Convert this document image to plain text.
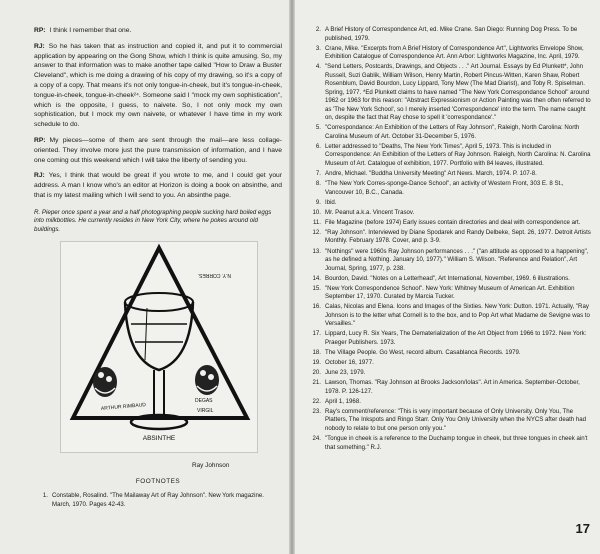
RP: I think I remember that one.

RJ: So he has taken that as instruction and copied it, and put it to commercial application by appearing on the Gong Show, which I think is quite amusing. So, my answer to that information was to make another tape called "How to Draw a Buster Cleveland", which is me doing a drawing of his copy of my drawing, so it's a copy of a copy of a copy. That means it's not only tongue-in-cheek, but it's tongue-in-cheek, tongue-in-cheek, tongue-in-cheek²⁴. Someone said I "mock my own sophistication", which is the opposite, I guess, to naivete. So, I not only mock my own sophistication, but I mock my own naivete, or whatever I have time in my work schedule to do.

RP: My pieces—some of them are sent through the mail—are less collage-oriented. They involve more just the pure transmission of information, and I have one coming out this weekend which I will take the liberty of sending you.

RJ: Yes, I think that would be great if you wrote to me, and I could get your address. A man I know who's an editor at Horizon is doing a book on absinthe, and that is my latest mailing which I will send to you. An absinthe page.

R. Pieper once spent a year and a half photographing people sucking hard boiled eggs into milkbottles. He currently resides in New York City, where he pokes around old buildings.

ARTHUR RIMBAUD
DEGAS
VIRGIL
N.Y. CORRES.
ABSINTHE
Ray Johnson
FOOTNOTES
1. Constable, Rosalind. "The Mailaway Art of Ray Johnson". New York magazine. March, 1970. Pages 42-43.
2. A Brief History of Correspondence Art, ed. Mike Crane. San Diego: Running Dog Press. To be published, 1979.
3. Crane, Mike. "Excerpts from A Brief History of Correspondence Art", Lightworks Envelope Show, Exhibition Catalogue of Correspondence Art. Ann Arbor: Lightworks Magazine, Inc. April, 1979.
4. "Send Letters, Postcards, Drawings, and Objects . . ." Art Journal. Essays by Ed Plunkett*, John Russell, Suzi Gablik, William Wilson, Henry Martin, Robert Pincus-Witten, Karen Shaw, Robert Rosenblum, David Bourdon, Lucy Lippard, Tony Mew (The Mad Diarist), and Toby R. Spiselman. Spring, 1977. *Ed Plunkett claims to have named "The New York Correspondance School" around 1962 or 1963 for this reason: "Abstract Expressionism or Action Painting was then often referred to as 'The New York School', so I merely inserted 'Correspondence' into the term. The name caught on, despite the fact that Ray chose to spell it 'correspondance'."
5. "Correspondance: An Exhibition of the Letters of Ray Johnson", Raleigh, North Carolina: North Carolina Museum of Art. October 31-December 5, 1976.
6. Letter addressed to "Deaths, The New York Times", April 5, 1973. This is included in Correspondence: An Exhibition of the Letters of Ray Johnson. Raleigh, North Carolina: N. Carolina Museum of Art. Catalogue of exhibition, 1977. Portfolio with 84 leaves, illustrated.
7. Andre, Michael. "Buddha University Meeting" Art News. March, 1974. P. 107-8.
8. "The New York Corres-sponge-Dance School", an activity of Western Front, 303 E. 8 St., Vancouver 10, B.C., Canada.
9. Ibid.
10. Mr. Peanut a.k.a. Vincent Trasov.
11. File Magazine (before 1974) Early issues contain directories and deal with correspondence art.
12. "Ray Johnson". Interviewed by Diane Spodarek and Randy Delbeke, Sept. 26, 1977. Detroit Artists Monthly. February 1978. Cover, and p. 3-9.
13. "Nothings" were 1960s Ray Johnson performances . . ." ("an attitude as opposed to a happening", as he defined a Nothing. January 10, 1977)." William S. Wilson. "Reference and Relation", Art Journal, Spring, 1977, p. 238.
14. Bourdon, David. "Notes on a Letterhead", Art International, November, 1969. 6 illustrations.
15. "New York Correspondence School". New York: Whitney Museum of American Art. Exhibition September 17, 1970. Curated by Marcia Tucker.
16. Calas, Nicolas and Elena. Icons and Images of the Sixties. New York: Dutton. 1971. Actually, "Ray Johnson is to the letter what Cornell is to the box, and to Pop Art what Madame de Sevigne was to Versailles."
17. Lippard, Lucy R. Six Years, The Dematerialization of the Art Object from 1966 to 1972. New York: Praeger Publishers. 1973.
18. The Village People. Go West, record album. Casablanca Records. 1979.
19. October 16, 1977.
20. June 23, 1979.
21. Lawson, Thomas. "Ray Johnson at Brooks Jackson/Iolas". Art in America. September-October, 1978. P. 126-127.
22. April 1, 1968.
23. Ray's comment/reference: "This is very important because of Only University. Only You, The Platters, The Inkspots and Ringo Starr. Only You Only University when the NYCS after death had nobody to relate to but one person only you."
24. "Tongue in cheek is a reference to the Duchamp tongue in cheek, but three tongues in cheek ain't that something." R.J.
17
